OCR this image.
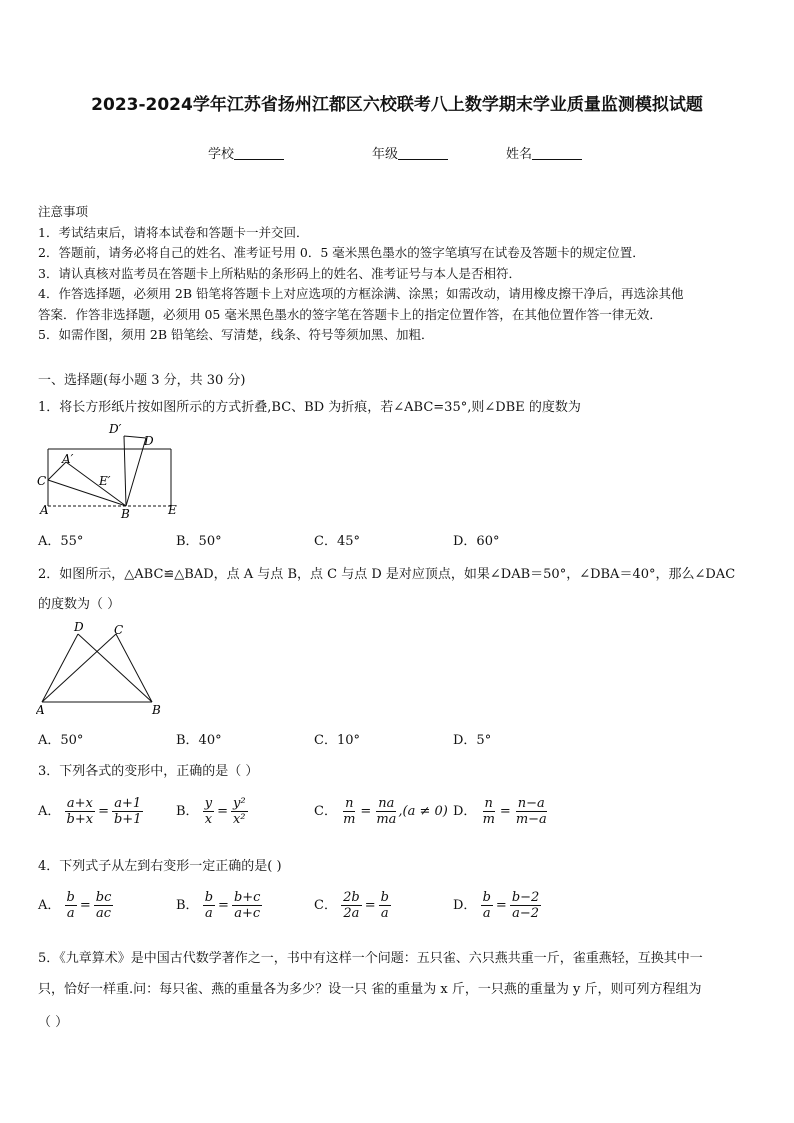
2023-2024学年江苏省扬州江都区六校联考八上数学期末学业质量监测模拟试题
学校	年级	姓名
注意事项
1．考试结束后，请将本试卷和答题卡一并交回．
2．答题前，请务必将自己的姓名、准考证号用 0．5 毫米黑色墨水的签字笔填写在试卷及答题卡的规定位置．
3．请认真核对监考员在答题卡上所粘贴的条形码上的姓名、准考证号与本人是否相符．
4．作答选择题，必须用 2B 铅笔将答题卡上对应选项的方框涂满、涂黑；如需改动，请用橡皮擦干净后，再选涂其他
答案．作答非选择题，必须用 05 毫米黑色墨水的签字笔在答题卡上的指定位置作答，在其他位置作答一律无效．
5．如需作图，须用 2B 铅笔绘、写清楚，线条、符号等须加黑、加粗．
一、选择题(每小题 3 分，共 30 分)
1．将长方形纸片按如图所示的方式折叠,BC、BD 为折痕，若∠ABC=35°,则∠DBE 的度数为
C
A	B	E
D′
D
A′
E′
A．55°	B．50°	C．45°	D．60°
2．如图所示，△ABC≌△BAD，点 A 与点 B，点 C 与点 D 是对应顶点，如果∠DAB＝50°，∠DBA＝40°，那么∠DAC
的度数为（ ）
A	B
D	C
A．50°	B．40°	C．10°	D．5°
3．下列各式的变形中，正确的是（ ）
A． $\frac{a+x}{b+x} = \frac{a+1}{b+1}$	B． $\frac{y}{x} = \frac{\text{y²}}{\text{x²}}$	C． $\frac{n}{m} = \frac{na}{ma} ,(a \ne 0)$ D． $\frac{n}{m} = \frac{n-a}{m-a}$
4．下列式子从左到右变形一定正确的是( )
A． $\frac{b}{a} = \frac{bc}{ac}$	B． $\frac{b}{a} = \frac{b+c}{a+c}$	C． $\frac{2b}{2a} = \frac{b}{a}$	D． $\frac{b}{a} = \frac{b-2}{a-2}$
5．《九章算术》是中国古代数学著作之一，书中有这样一个问题：五只雀、六只燕共重一斤，雀重燕轻，互换其中一
只，恰好一样重.问：每只雀、燕的重量各为多少？设一只 雀的重量为 x 斤，一只燕的重量为 y 斤，则可列方程组为
（ ）
